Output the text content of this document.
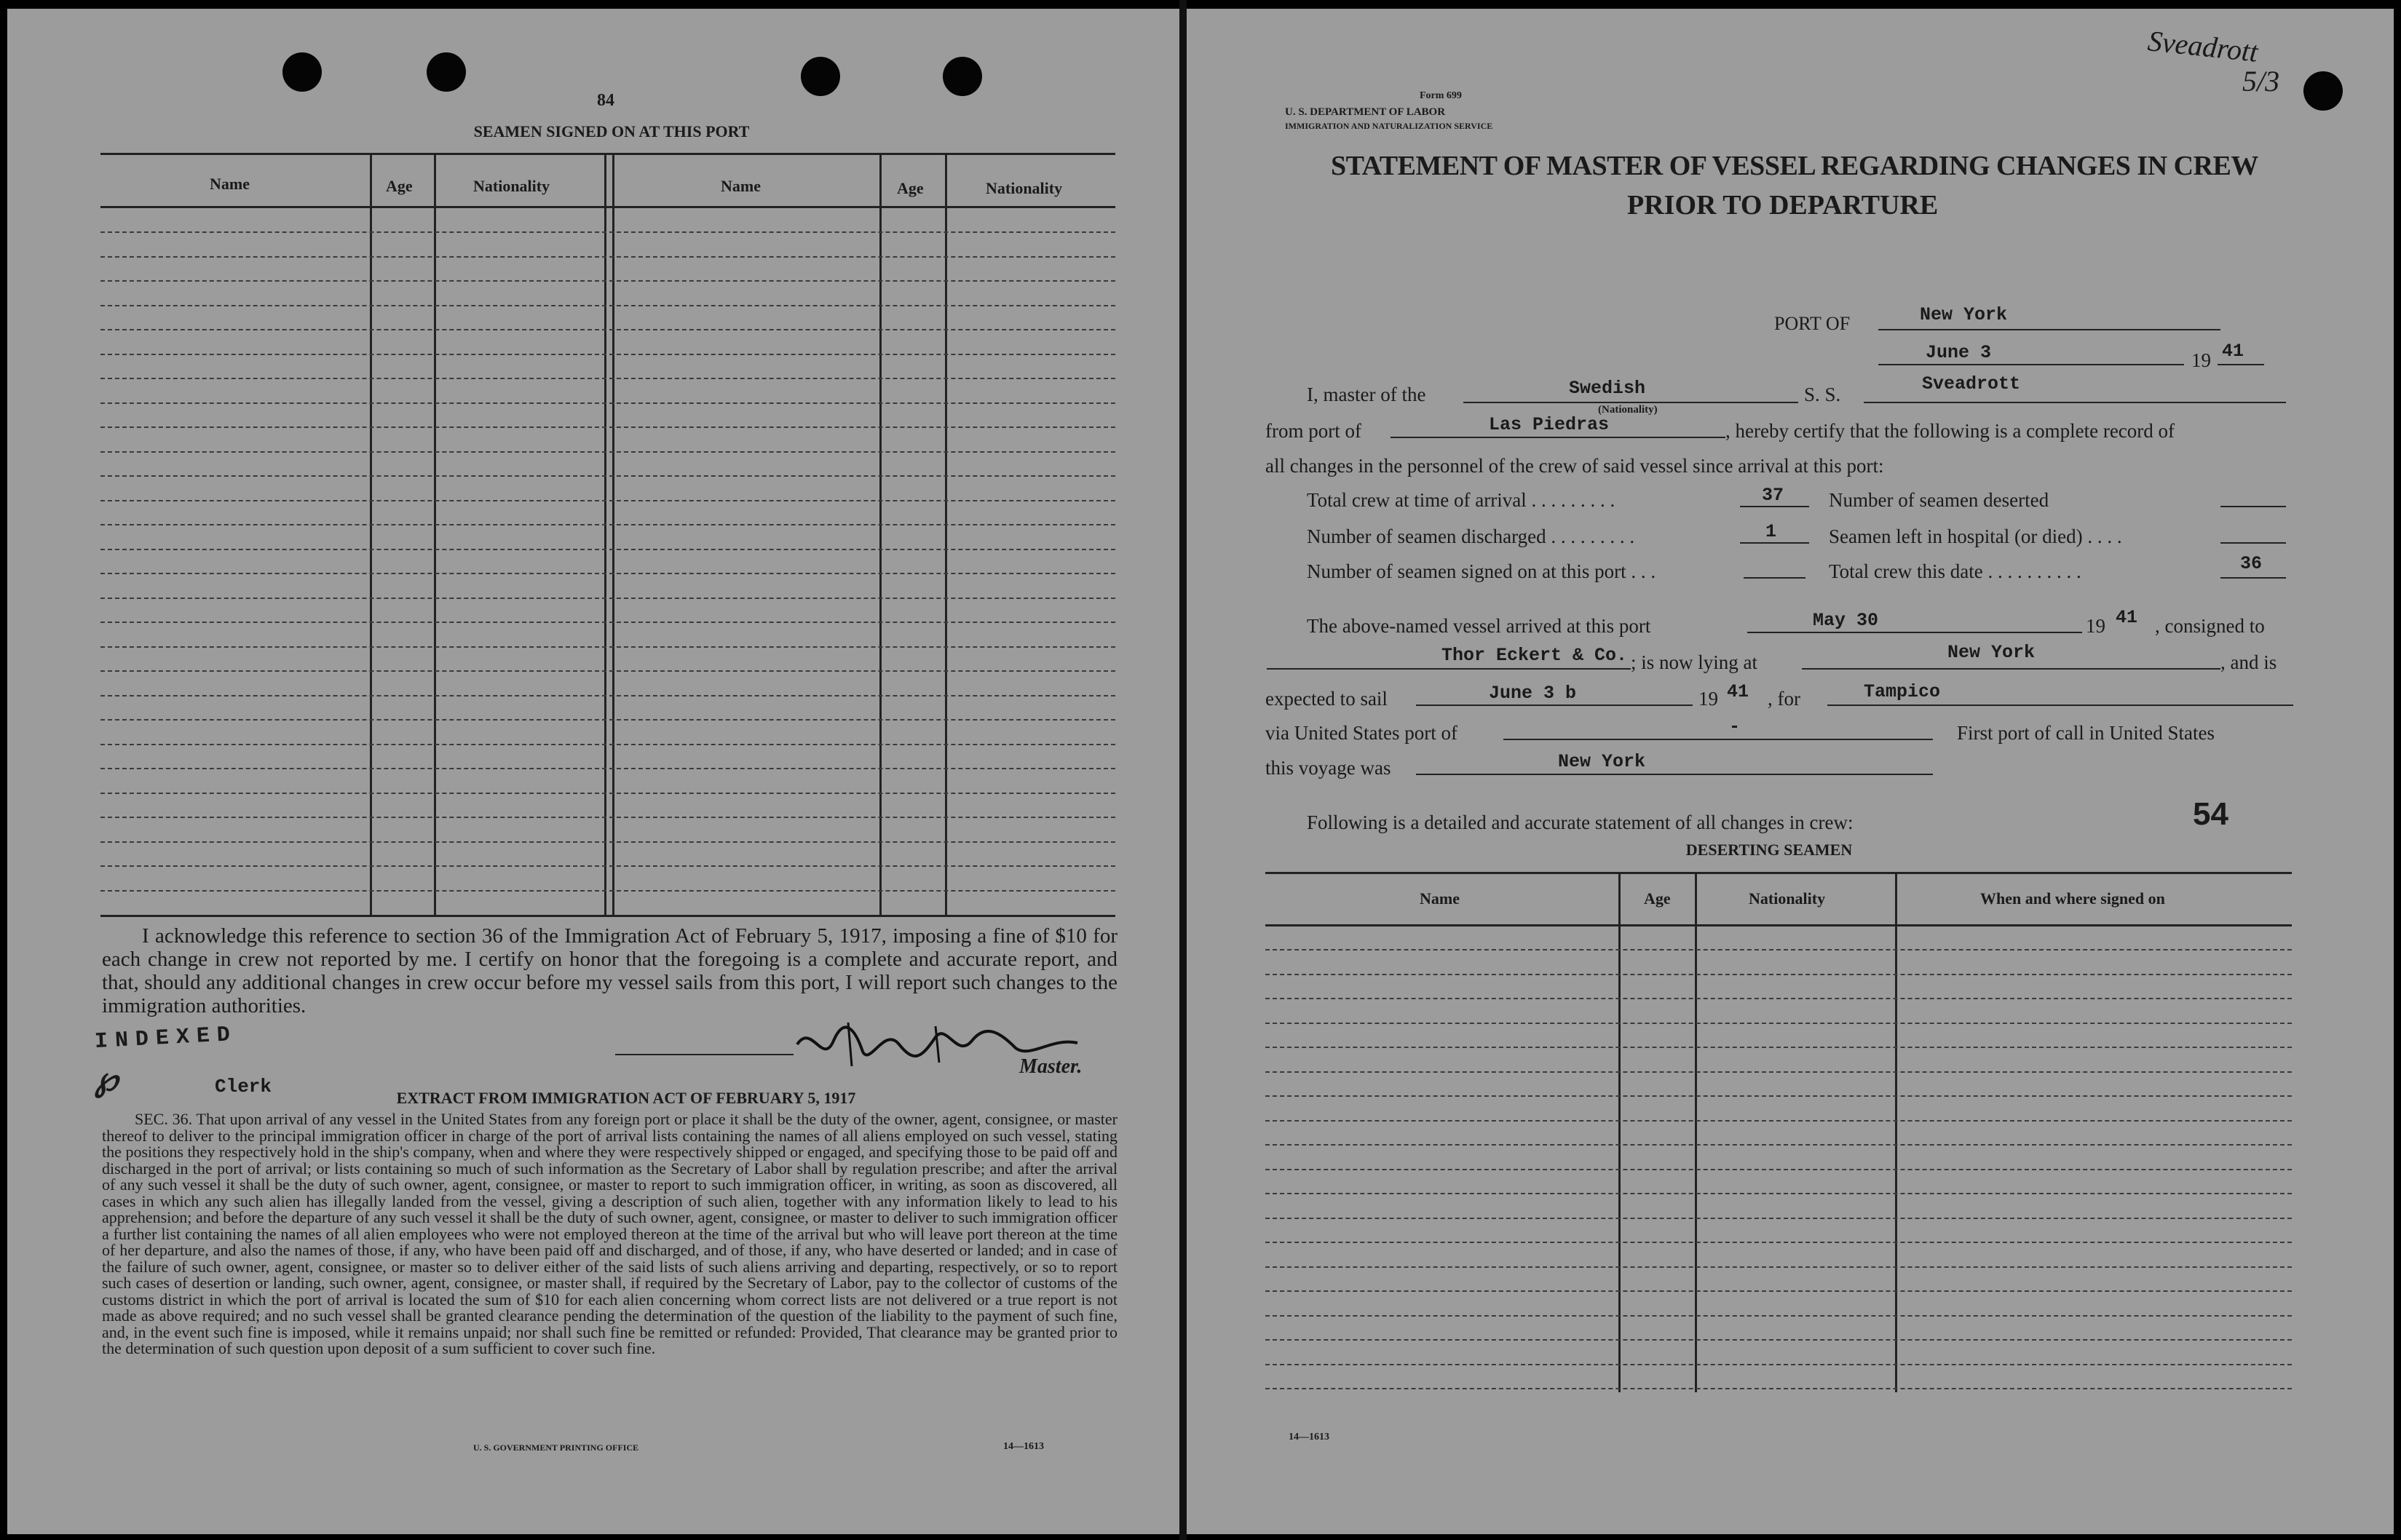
Sveadrott
5/3
84
SEAMEN SIGNED ON AT THIS PORT
Name	Age	Nationality	Name	Age	Nationality
I acknowledge this reference to section 36 of the Immigration Act of February 5, 1917, imposing a fine of $10 for each change in crew not reported by me. I certify on honor that the foregoing is a complete and accurate report, and that, should any additional changes in crew occur before my vessel sails from this port, I will report such changes to the immigration authorities.
INDEXED
℘	Clerk
Master.
EXTRACT FROM IMMIGRATION ACT OF FEBRUARY 5, 1917
SEC. 36. That upon arrival of any vessel in the United States from any foreign port or place it shall be the duty of the owner, agent, consignee, or master thereof to deliver to the principal immigration officer in charge of the port of arrival lists containing the names of all aliens employed on such vessel, stating the positions they respectively hold in the ship's company, when and where they were respectively shipped or engaged, and specifying those to be paid off and discharged in the port of arrival; or lists containing so much of such information as the Secretary of Labor shall by regulation prescribe; and after the arrival of any such vessel it shall be the duty of such owner, agent, consignee, or master to report to such immigration officer, in writing, as soon as discovered, all cases in which any such alien has illegally landed from the vessel, giving a description of such alien, together with any information likely to lead to his apprehension; and before the departure of any such vessel it shall be the duty of such owner, agent, consignee, or master to deliver to such immigration officer a further list containing the names of all alien employees who were not employed thereon at the time of the arrival but who will leave port thereon at the time of her departure, and also the names of those, if any, who have been paid off and discharged, and of those, if any, who have deserted or landed; and in case of the failure of such owner, agent, consignee, or master so to deliver either of the said lists of such aliens arriving and departing, respectively, or so to report such cases of desertion or landing, such owner, agent, consignee, or master shall, if required by the Secretary of Labor, pay to the collector of customs of the customs district in which the port of arrival is located the sum of $10 for each alien concerning whom correct lists are not delivered or a true report is not made as above required; and no such vessel shall be granted clearance pending the determination of the question of the liability to the payment of such fine, and, in the event such fine is imposed, while it remains unpaid; nor shall such fine be remitted or refunded: Provided, That clearance may be granted prior to the determination of such question upon deposit of a sum sufficient to cover such fine.
U. S. GOVERNMENT PRINTING OFFICE	14—1613
Form 699
U. S. DEPARTMENT OF LABOR
IMMIGRATION AND NATURALIZATION SERVICE
STATEMENT OF MASTER OF VESSEL REGARDING CHANGES IN CREW
PRIOR TO DEPARTURE
PORT OF	New York
June 3	19 41
I, master of the	Swedish
(Nationality)
S. S.	Sveadrott
from port of	Las Piedras	, hereby certify that the following is a complete record of
all changes in the personnel of the crew of said vessel since arrival at this port:
Total crew at time of arrival . . . . . . . . .	37 Number of seamen deserted
Number of seamen discharged . . . . . . . . .	1	Seamen left in hospital (or died) . . . .
Number of seamen signed on at this port . . .	Total crew this date . . . . . . . . . .	36
The above-named vessel arrived at this port	May 30	19 41 , consigned to
Thor Eckert & Co. ; is now lying at	New York	, and is
expected to sail	June 3 b	19 41 , for	Tampico
via United States port of	-	First port of call in United States
this voyage was	New York
Following is a detailed and accurate statement of all changes in crew:	54
DESERTING SEAMEN
Name	Age	Nationality	When and where signed on
14—1613
